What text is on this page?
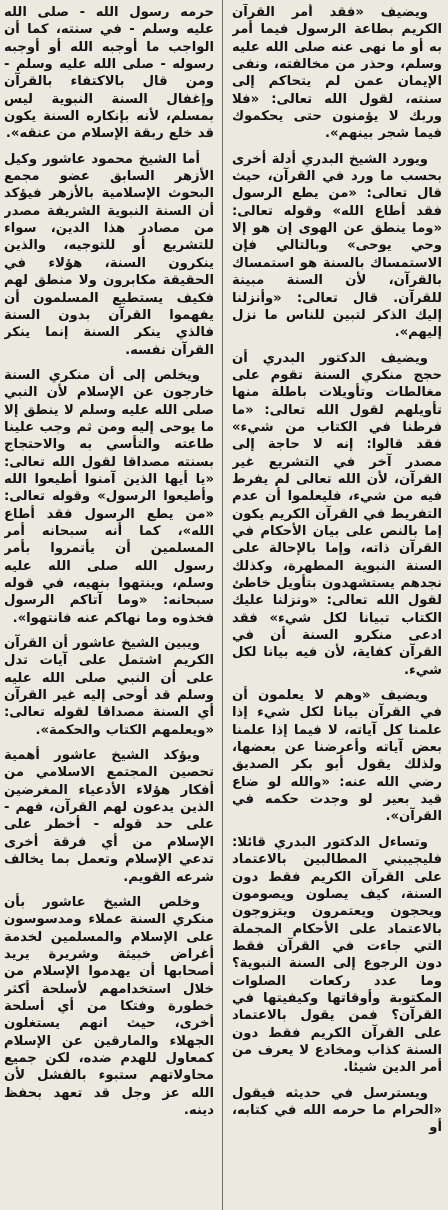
ويضيف «فقد أمر القرآن الكريم بطاعة الرسول فيما أمر به أو ما نهى عنه صلى الله عليه وسلم، وحذر من مخالفته، ونفى الإيمان عمن لم يتحاكم إلى سنته، لقول الله تعالى: «فلا وربك لا يؤمنون حتى يحكموك فيما شجر بينهم».

ويورد الشيخ البدري أدلة أخرى بحسب ما ورد في القرآن، حيث قال تعالى: «من يطع الرسول فقد أطاع الله» وقوله تعالى: «وما ينطق عن الهوى إن هو إلا وحي يوحى» وبالتالي فإن الاستمساك بالسنة هو استمساك بالقرآن، لأن السنة مبينة للقرآن. قال تعالى: «وأنزلنا إليك الذكر لتبين للناس ما نزل إليهم».

ويضيف الدكتور البدري أن حجج منكري السنة تقوم على مغالطات وتأويلات باطلة منها تأويلهم لقول الله تعالى: «ما فرطنا في الكتاب من شيء» فقد قالوا: إنه لا حاجة إلى مصدر آخر في التشريع غير القرآن، لأن الله تعالى لم يفرط فيه من شيء، فليعلموا أن عدم التفريط في القرآن الكريم يكون إما بالنص على بيان الأحكام في القرآن ذاته، وإما بالإحالة على السنة النبوية المطهرة، وكذلك نجدهم يستشهدون بتأويل خاطئ لقول الله تعالى: «ونزلنا عليك الكتاب تبيانا لكل شيء» فقد ادعى منكرو السنة أن في القرآن كفاية، لأن فيه بيانا لكل شيء.

ويضيف «وهم لا يعلمون أن في القرآن بيانا لكل شيء إذا علمنا كل آياته، لا فيما إذا علمنا بعض آياته وأعرضنا عن بعضها، ولذلك يقول أبو بكر الصديق رضي الله عنه: «والله لو ضاع قيد بعير لو وجدت حكمه في القرآن».

وتساءل الدكتور البدري قائلا: فليجيبني المطالبين بالاعتماد على القرآن الكريم فقط دون السنة، كيف يصلون ويصومون ويحجون ويعتمرون ويتزوجون بالاعتماد على الأحكام المجملة التي جاءت في القرآن فقط دون الرجوع إلى السنة النبوية؟ وما عدد ركعات الصلوات المكتوبة وأوقاتها وكيفيتها في القرآن؟ فمن يقول بالاعتماد على القرآن الكريم فقط دون السنة كذاب ومخادع لا يعرف من أمر الدين شيئا.

ويسترسل في حديثه فيقول «الحرام ما حرمه الله في كتابه، أو

حرمه رسول الله - صلى الله عليه وسلم - في سنته، كما أن الواجب ما أوجبه الله أو أوجبه رسوله - صلى الله عليه وسلم - ومن قال بالاكتفاء بالقرآن وإغفال السنة النبوية ليس بمسلم، لأنه بإنكاره السنة يكون قد خلع ربقة الإسلام من عنقه».

أما الشيخ محمود عاشور وكيل الأزهر السابق عضو مجمع البحوث الإسلامية بالأزهر فيؤكد أن السنة النبوية الشريفة مصدر من مصادر هذا الدين، سواء للتشريع أو للتوجيه، والذين ينكرون السنة، هؤلاء في الحقيقة مكابرون ولا منطق لهم فكيف يستطيع المسلمون أن يفهموا القرآن بدون السنة فالذي ينكر السنة إنما ينكر القرآن نفسه.

ويخلص إلى أن منكري السنة خارجون عن الإسلام لأن النبي صلى الله عليه وسلم لا ينطق إلا ما يوحى إليه ومن ثم وجب علينا طاعته والتأسي به والاحتجاج بسنته مصداقا لقول الله تعالى: «يا أيها الذين آمنوا أطيعوا الله وأطيعوا الرسول» وقوله تعالى: «من يطع الرسول فقد أطاع الله»، كما أنه سبحانه أمر المسلمين أن يأتمروا بأمر رسول الله صلى الله عليه وسلم، وينتهوا بنهيه، في قوله سبحانه: «وما آتاكم الرسول فخذوه وما نهاكم عنه فانتهوا».

ويبين الشيخ عاشور أن القرآن الكريم اشتمل على آيات تدل على أن النبي صلى الله عليه وسلم قد أوحى إليه غير القرآن أي السنة مصداقا لقوله تعالى: «ويعلمهم الكتاب والحكمة».

ويؤكد الشيخ عاشور أهمية تحصين المجتمع الاسلامي من أفكار هؤلاء الأدعياء المغرضين الذين يدعون لهم القرآن، فهم - على حد قوله - أخطر على الإسلام من أي فرقة أخرى تدعي الإسلام وتعمل بما يخالف شرعه القويم.

وخلص الشيخ عاشور بأن منكري السنة عملاء ومدسوسون على الإسلام والمسلمين لخدمة أغراض خبيثة وشريرة يريد أصحابها أن يهدموا الإسلام من خلال استخدامهم لأسلحة أكثر خطورة وفتكا من أي أسلحة أخرى، حيث انهم يستغلون الجهلاء والمارقين عن الإسلام كمعاول للهدم ضده، لكن جميع محاولاتهم ستبوء بالفشل لأن الله عز وجل قد تعهد بحفظ دينه.
